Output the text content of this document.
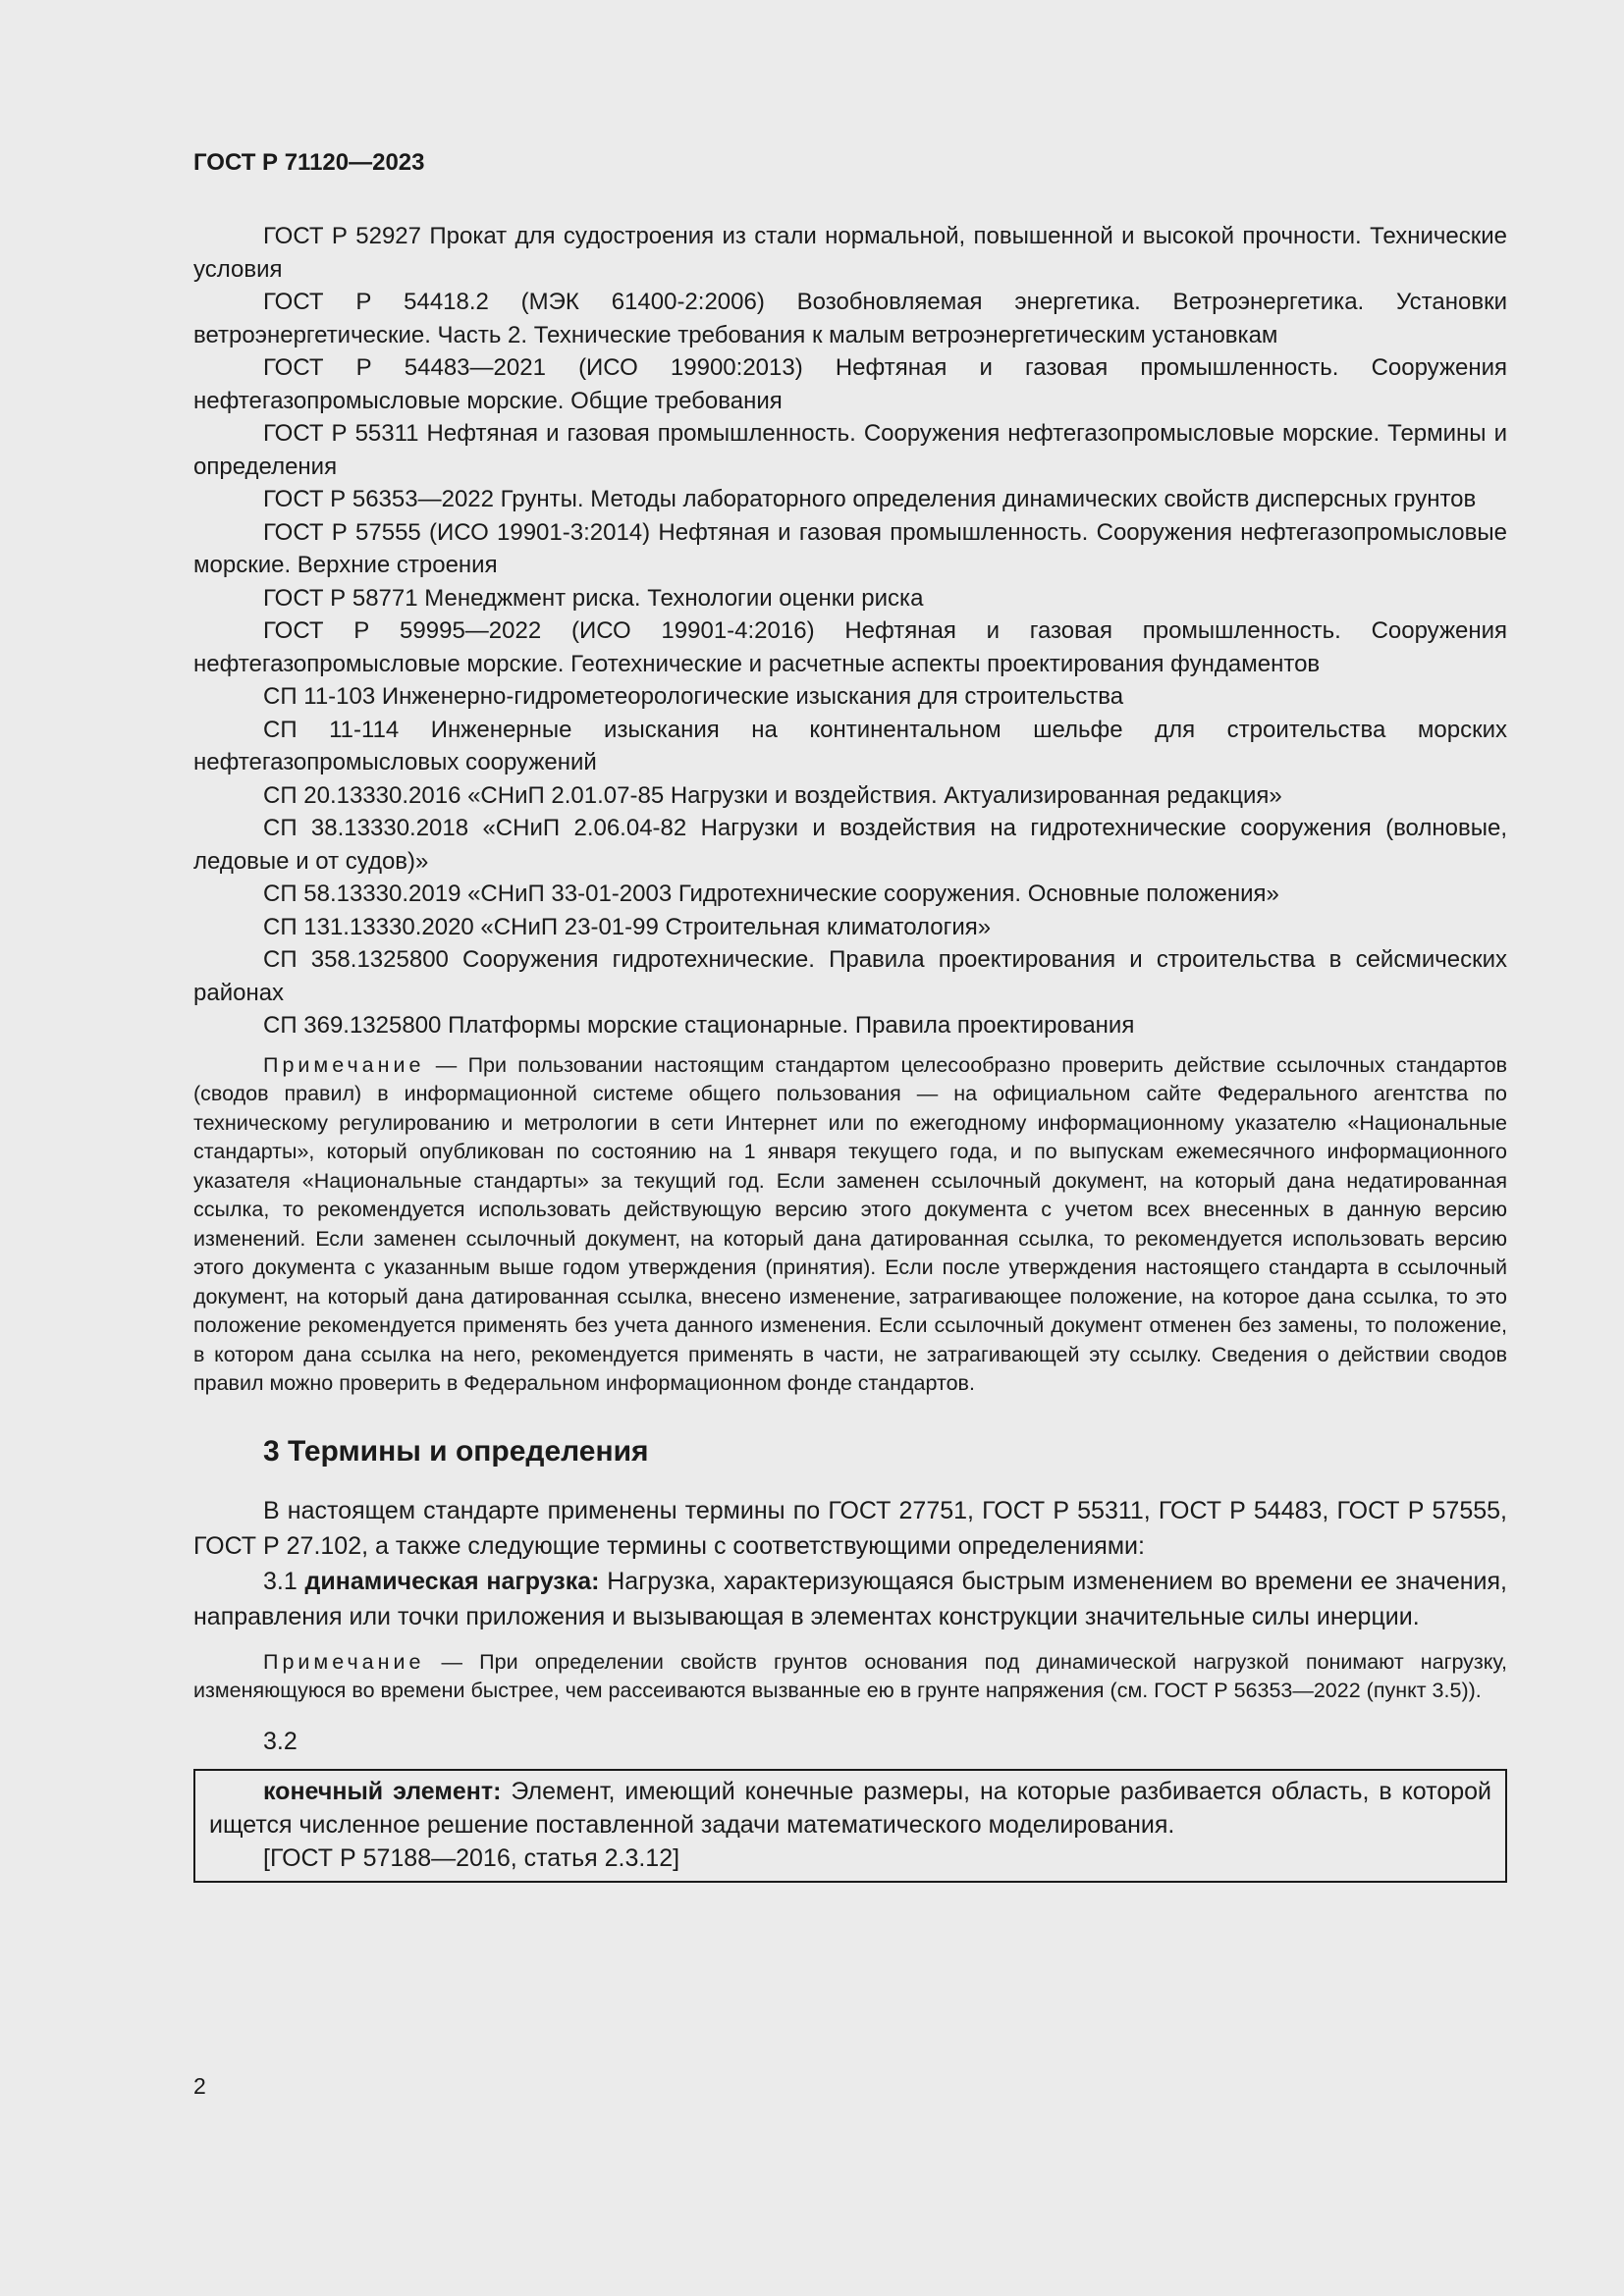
ГОСТ Р 71120—2023

ГОСТ Р 52927 Прокат для судостроения из стали нормальной, повышенной и высокой прочности. Технические условия

ГОСТ Р 54418.2 (МЭК 61400-2:2006) Возобновляемая энергетика. Ветроэнергетика. Установки ветроэнергетические. Часть 2. Технические требования к малым ветроэнергетическим установкам

ГОСТ Р 54483—2021 (ИСО 19900:2013) Нефтяная и газовая промышленность. Сооружения нефтегазопромысловые морские. Общие требования

ГОСТ Р 55311 Нефтяная и газовая промышленность. Сооружения нефтегазопромысловые морские. Термины и определения

ГОСТ Р 56353—2022 Грунты. Методы лабораторного определения динамических свойств дисперсных грунтов

ГОСТ Р 57555 (ИСО 19901-3:2014) Нефтяная и газовая промышленность. Сооружения нефтегазопромысловые морские. Верхние строения

ГОСТ Р 58771 Менеджмент риска. Технологии оценки риска

ГОСТ Р 59995—2022 (ИСО 19901-4:2016) Нефтяная и газовая промышленность. Сооружения нефтегазопромысловые морские. Геотехнические и расчетные аспекты проектирования фундаментов

СП 11-103 Инженерно-гидрометеорологические изыскания для строительства

СП 11-114 Инженерные изыскания на континентальном шельфе для строительства морских нефтегазопромысловых сооружений

СП 20.13330.2016 «СНиП 2.01.07-85 Нагрузки и воздействия. Актуализированная редакция»

СП 38.13330.2018 «СНиП 2.06.04-82 Нагрузки и воздействия на гидротехнические сооружения (волновые, ледовые и от судов)»

СП 58.13330.2019 «СНиП 33-01-2003 Гидротехнические сооружения. Основные положения»

СП 131.13330.2020 «СНиП 23-01-99 Строительная климатология»

СП 358.1325800 Сооружения гидротехнические. Правила проектирования и строительства в сейсмических районах

СП 369.1325800 Платформы морские стационарные. Правила проектирования

Примечание — При пользовании настоящим стандартом целесообразно проверить действие ссылочных стандартов (сводов правил) в информационной системе общего пользования — на официальном сайте Федерального агентства по техническому регулированию и метрологии в сети Интернет или по ежегодному информационному указателю «Национальные стандарты», который опубликован по состоянию на 1 января текущего года, и по выпускам ежемесячного информационного указателя «Национальные стандарты» за текущий год. Если заменен ссылочный документ, на который дана недатированная ссылка, то рекомендуется использовать действующую версию этого документа с учетом всех внесенных в данную версию изменений. Если заменен ссылочный документ, на который дана датированная ссылка, то рекомендуется использовать версию этого документа с указанным выше годом утверждения (принятия). Если после утверждения настоящего стандарта в ссылочный документ, на который дана датированная ссылка, внесено изменение, затрагивающее положение, на которое дана ссылка, то это положение рекомендуется применять без учета данного изменения. Если ссылочный документ отменен без замены, то положение, в котором дана ссылка на него, рекомендуется применять в части, не затрагивающей эту ссылку. Сведения о действии сводов правил можно проверить в Федеральном информационном фонде стандартов.

3 Термины и определения

В настоящем стандарте применены термины по ГОСТ 27751, ГОСТ Р 55311, ГОСТ Р 54483, ГОСТ Р 57555, ГОСТ Р 27.102, а также следующие термины с соответствующими определениями:

3.1 динамическая нагрузка: Нагрузка, характеризующаяся быстрым изменением во времени ее значения, направления или точки приложения и вызывающая в элементах конструкции значительные силы инерции.

Примечание — При определении свойств грунтов основания под динамической нагрузкой понимают нагрузку, изменяющуюся во времени быстрее, чем рассеиваются вызванные ею в грунте напряжения (см. ГОСТ Р 56353—2022 (пункт 3.5)).

3.2

конечный элемент: Элемент, имеющий конечные размеры, на которые разбивается область, в которой ищется численное решение поставленной задачи математического моделирования.

[ГОСТ Р 57188—2016, статья 2.3.12]

2
